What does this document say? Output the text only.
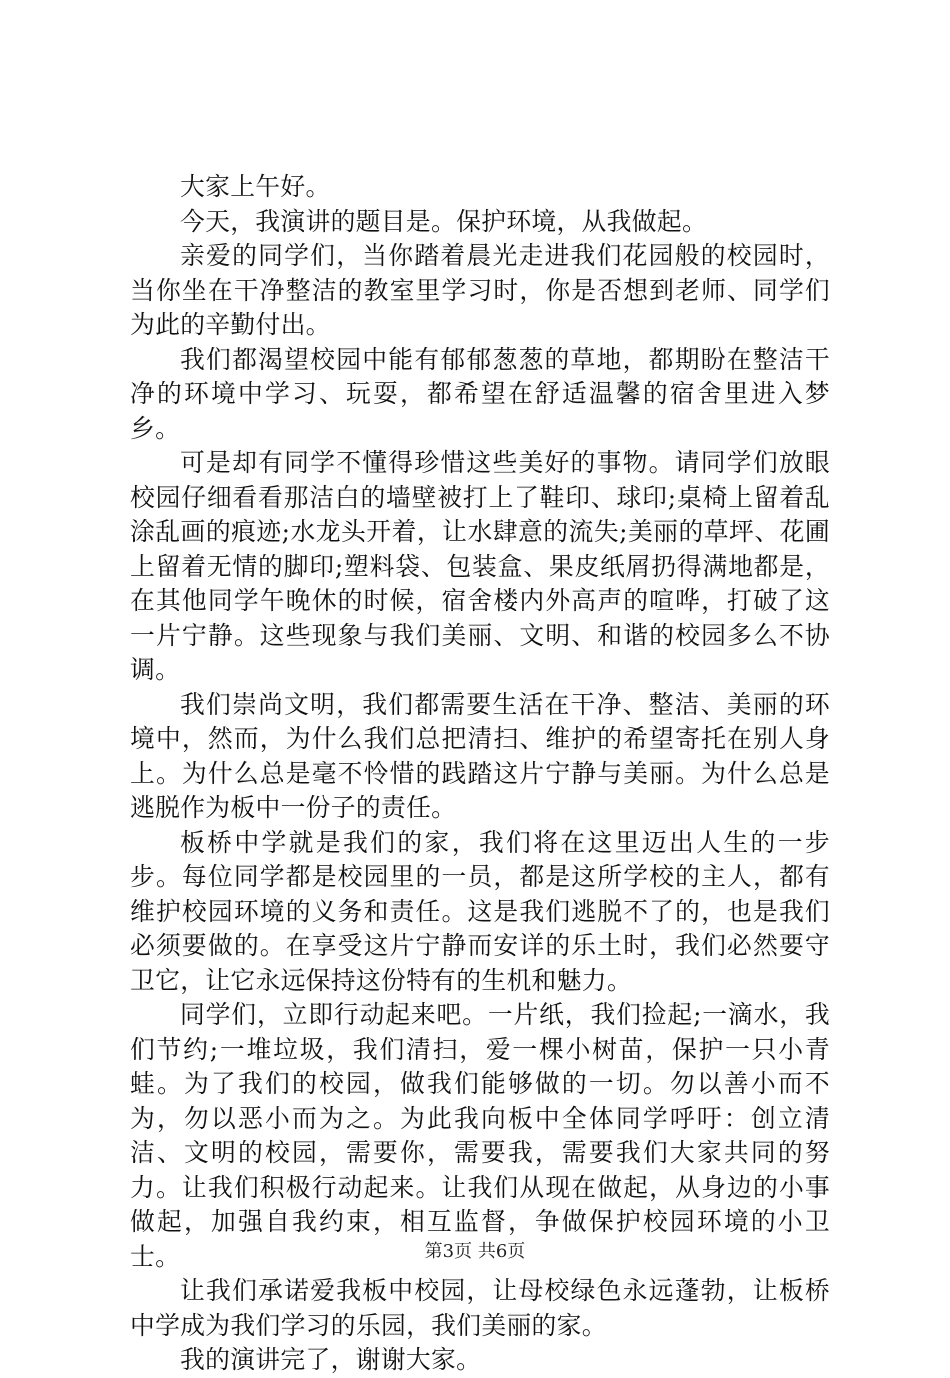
大家上午好。

今天，我演讲的题目是。保护环境，从我做起。

亲爱的同学们，当你踏着晨光走进我们花园般的校园时，当你坐在干净整洁的教室里学习时，你是否想到老师、同学们为此的辛勤付出。

我们都渴望校园中能有郁郁葱葱的草地，都期盼在整洁干净的环境中学习、玩耍，都希望在舒适温馨的宿舍里进入梦乡。

可是却有同学不懂得珍惜这些美好的事物。请同学们放眼校园仔细看看那洁白的墙壁被打上了鞋印、球印;桌椅上留着乱涂乱画的痕迹;水龙头开着，让水肆意的流失;美丽的草坪、花圃上留着无情的脚印;塑料袋、包装盒、果皮纸屑扔得满地都是，在其他同学午晚休的时候，宿舍楼内外高声的喧哗，打破了这一片宁静。这些现象与我们美丽、文明、和谐的校园多么不协调。

我们崇尚文明，我们都需要生活在干净、整洁、美丽的环境中，然而，为什么我们总把清扫、维护的希望寄托在别人身上。为什么总是毫不怜惜的践踏这片宁静与美丽。为什么总是逃脱作为板中一份子的责任。

板桥中学就是我们的家，我们将在这里迈出人生的一步步。每位同学都是校园里的一员，都是这所学校的主人，都有维护校园环境的义务和责任。这是我们逃脱不了的，也是我们必须要做的。在享受这片宁静而安详的乐土时，我们必然要守卫它，让它永远保持这份特有的生机和魅力。

同学们，立即行动起来吧。一片纸，我们捡起;一滴水，我们节约;一堆垃圾，我们清扫，爱一棵小树苗，保护一只小青蛙。为了我们的校园，做我们能够做的一切。勿以善小而不为，勿以恶小而为之。为此我向板中全体同学呼吁：创立清洁、文明的校园，需要你，需要我，需要我们大家共同的努力。让我们积极行动起来。让我们从现在做起，从身边的小事做起，加强自我约束，相互监督，争做保护校园环境的小卫士。

让我们承诺爱我板中校园，让母校绿色永远蓬勃，让板桥中学成为我们学习的乐园，我们美丽的家。

我的演讲完了，谢谢大家。

第3页 共6页
